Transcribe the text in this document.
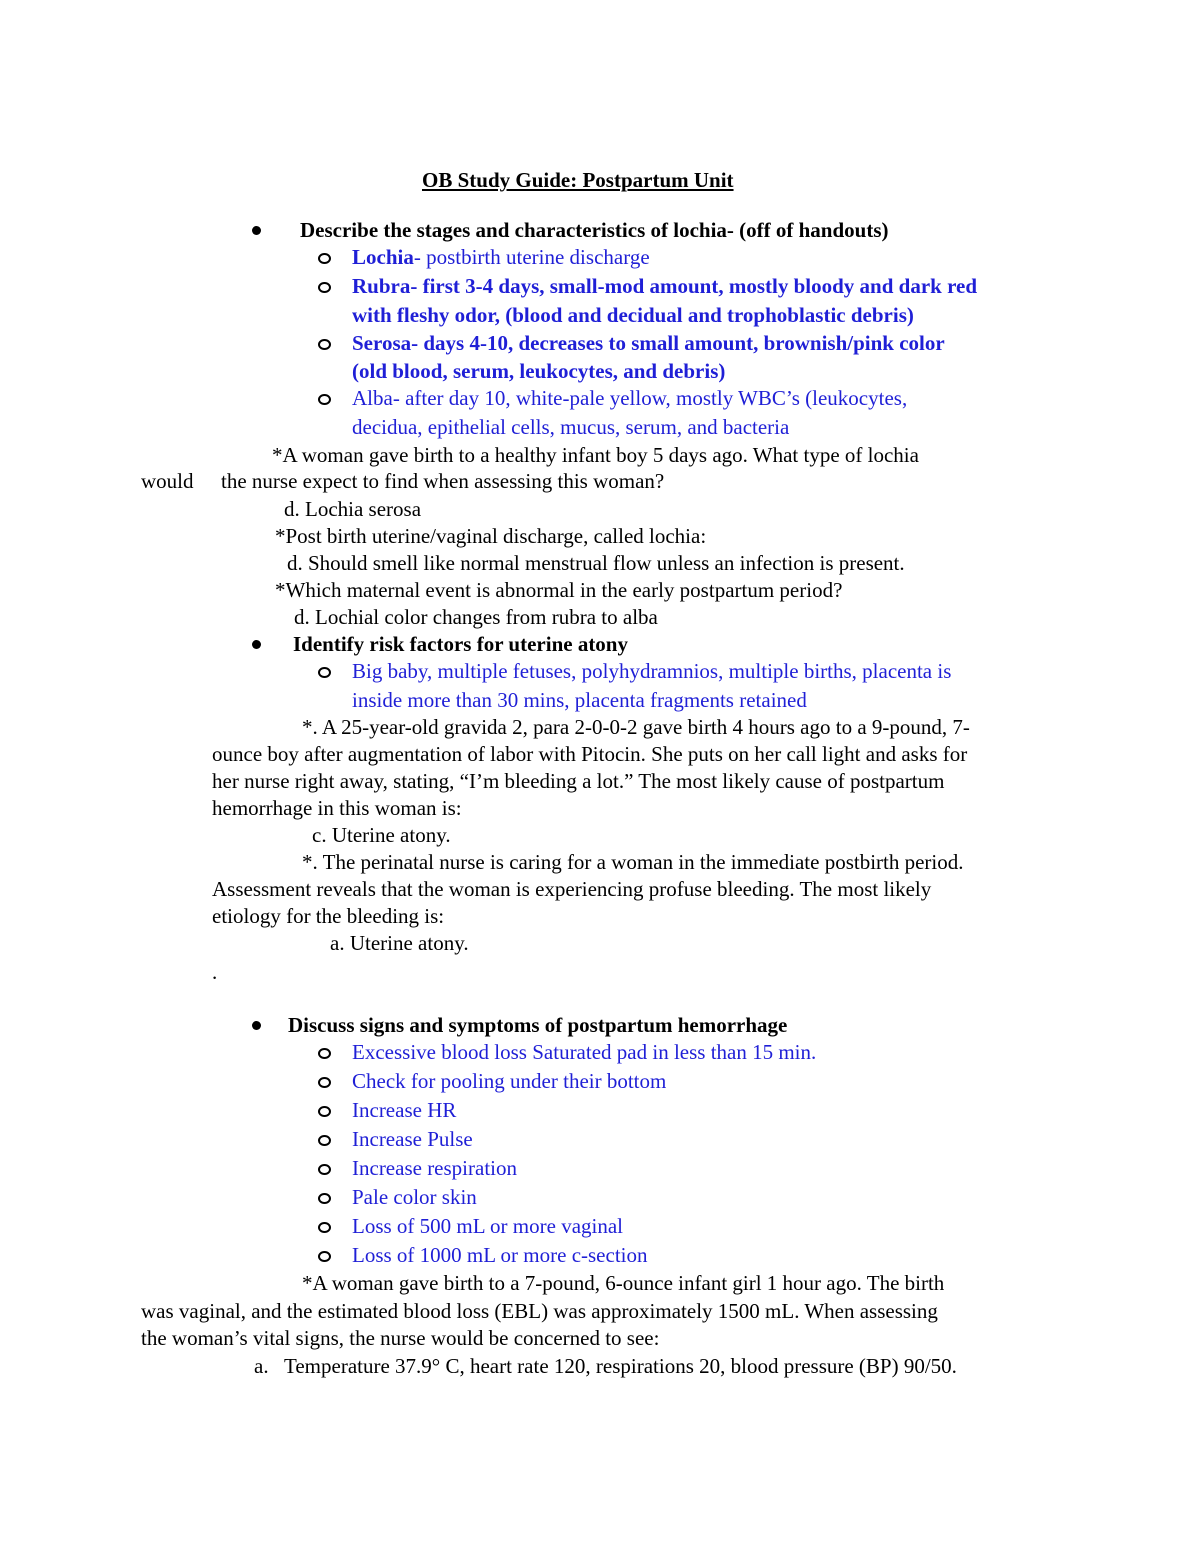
OB Study Guide: Postpartum Unit
Describe the stages and characteristics of lochia- (off of handouts)
Lochia- postbirth uterine discharge
Rubra- first 3-4 days, small-mod amount, mostly bloody and dark red
with fleshy odor, (blood and decidual and trophoblastic debris)
Serosa- days 4-10, decreases to small amount, brownish/pink color
(old blood, serum, leukocytes, and debris)
Alba- after day 10, white-pale yellow, mostly WBC’s (leukocytes,
decidua, epithelial cells, mucus, serum, and bacteria
*A woman gave birth to a healthy infant boy 5 days ago. What type of lochia
would the nurse expect to find when assessing this woman?
d. Lochia serosa
*Post birth uterine/vaginal discharge, called lochia:
d. Should smell like normal menstrual flow unless an infection is present.
*Which maternal event is abnormal in the early postpartum period?
d. Lochial color changes from rubra to alba
Identify risk factors for uterine atony
Big baby, multiple fetuses, polyhydramnios, multiple births, placenta is
inside more than 30 mins, placenta fragments retained
*. A 25-year-old gravida 2, para 2-0-0-2 gave birth 4 hours ago to a 9-pound, 7-
ounce boy after augmentation of labor with Pitocin. She puts on her call light and asks for
her nurse right away, stating, “I’m bleeding a lot.” The most likely cause of postpartum
hemorrhage in this woman is:
c. Uterine atony.
*. The perinatal nurse is caring for a woman in the immediate postbirth period.
Assessment reveals that the woman is experiencing profuse bleeding. The most likely
etiology for the bleeding is:
a. Uterine atony.
.
Discuss signs and symptoms of postpartum hemorrhage
Excessive blood loss Saturated pad in less than 15 min.
Check for pooling under their bottom
Increase HR
Increase Pulse
Increase respiration
Pale color skin
Loss of 500 mL or more vaginal
Loss of 1000 mL or more c-section
*A woman gave birth to a 7-pound, 6-ounce infant girl 1 hour ago. The birth
was vaginal, and the estimated blood loss (EBL) was approximately 1500 mL. When assessing
the woman’s vital signs, the nurse would be concerned to see:
a. Temperature 37.9° C, heart rate 120, respirations 20, blood pressure (BP) 90/50.
